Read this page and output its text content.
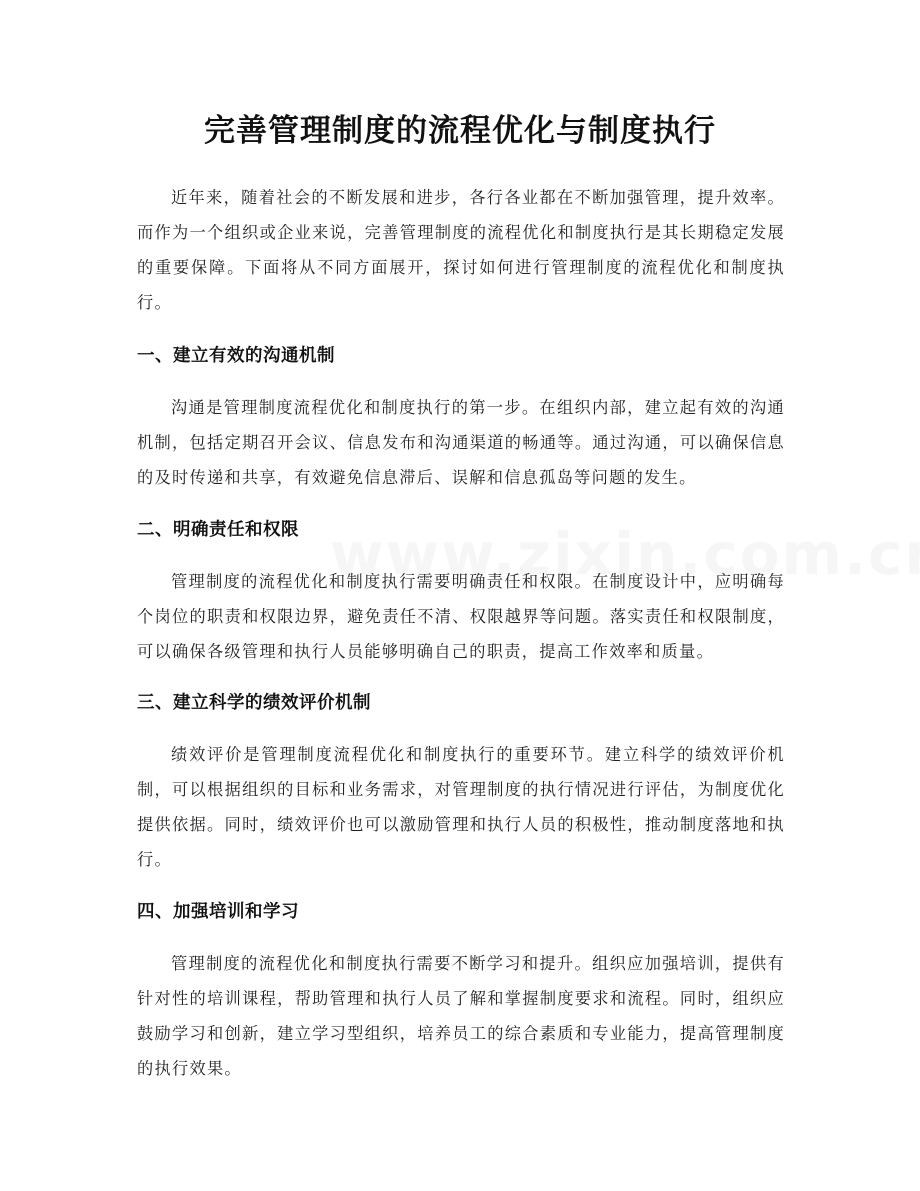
完善管理制度的流程优化与制度执行

近年来，随着社会的不断发展和进步，各行各业都在不断加强管理，提升效率。而作为一个组织或企业来说，完善管理制度的流程优化和制度执行是其长期稳定发展的重要保障。下面将从不同方面展开，探讨如何进行管理制度的流程优化和制度执行。

一、建立有效的沟通机制

沟通是管理制度流程优化和制度执行的第一步。在组织内部，建立起有效的沟通机制，包括定期召开会议、信息发布和沟通渠道的畅通等。通过沟通，可以确保信息的及时传递和共享，有效避免信息滞后、误解和信息孤岛等问题的发生。

二、明确责任和权限

管理制度的流程优化和制度执行需要明确责任和权限。在制度设计中，应明确每个岗位的职责和权限边界，避免责任不清、权限越界等问题。落实责任和权限制度，可以确保各级管理和执行人员能够明确自己的职责，提高工作效率和质量。

三、建立科学的绩效评价机制

绩效评价是管理制度流程优化和制度执行的重要环节。建立科学的绩效评价机制，可以根据组织的目标和业务需求，对管理制度的执行情况进行评估，为制度优化提供依据。同时，绩效评价也可以激励管理和执行人员的积极性，推动制度落地和执行。

四、加强培训和学习

管理制度的流程优化和制度执行需要不断学习和提升。组织应加强培训，提供有针对性的培训课程，帮助管理和执行人员了解和掌握制度要求和流程。同时，组织应鼓励学习和创新，建立学习型组织，培养员工的综合素质和专业能力，提高管理制度的执行效果。
